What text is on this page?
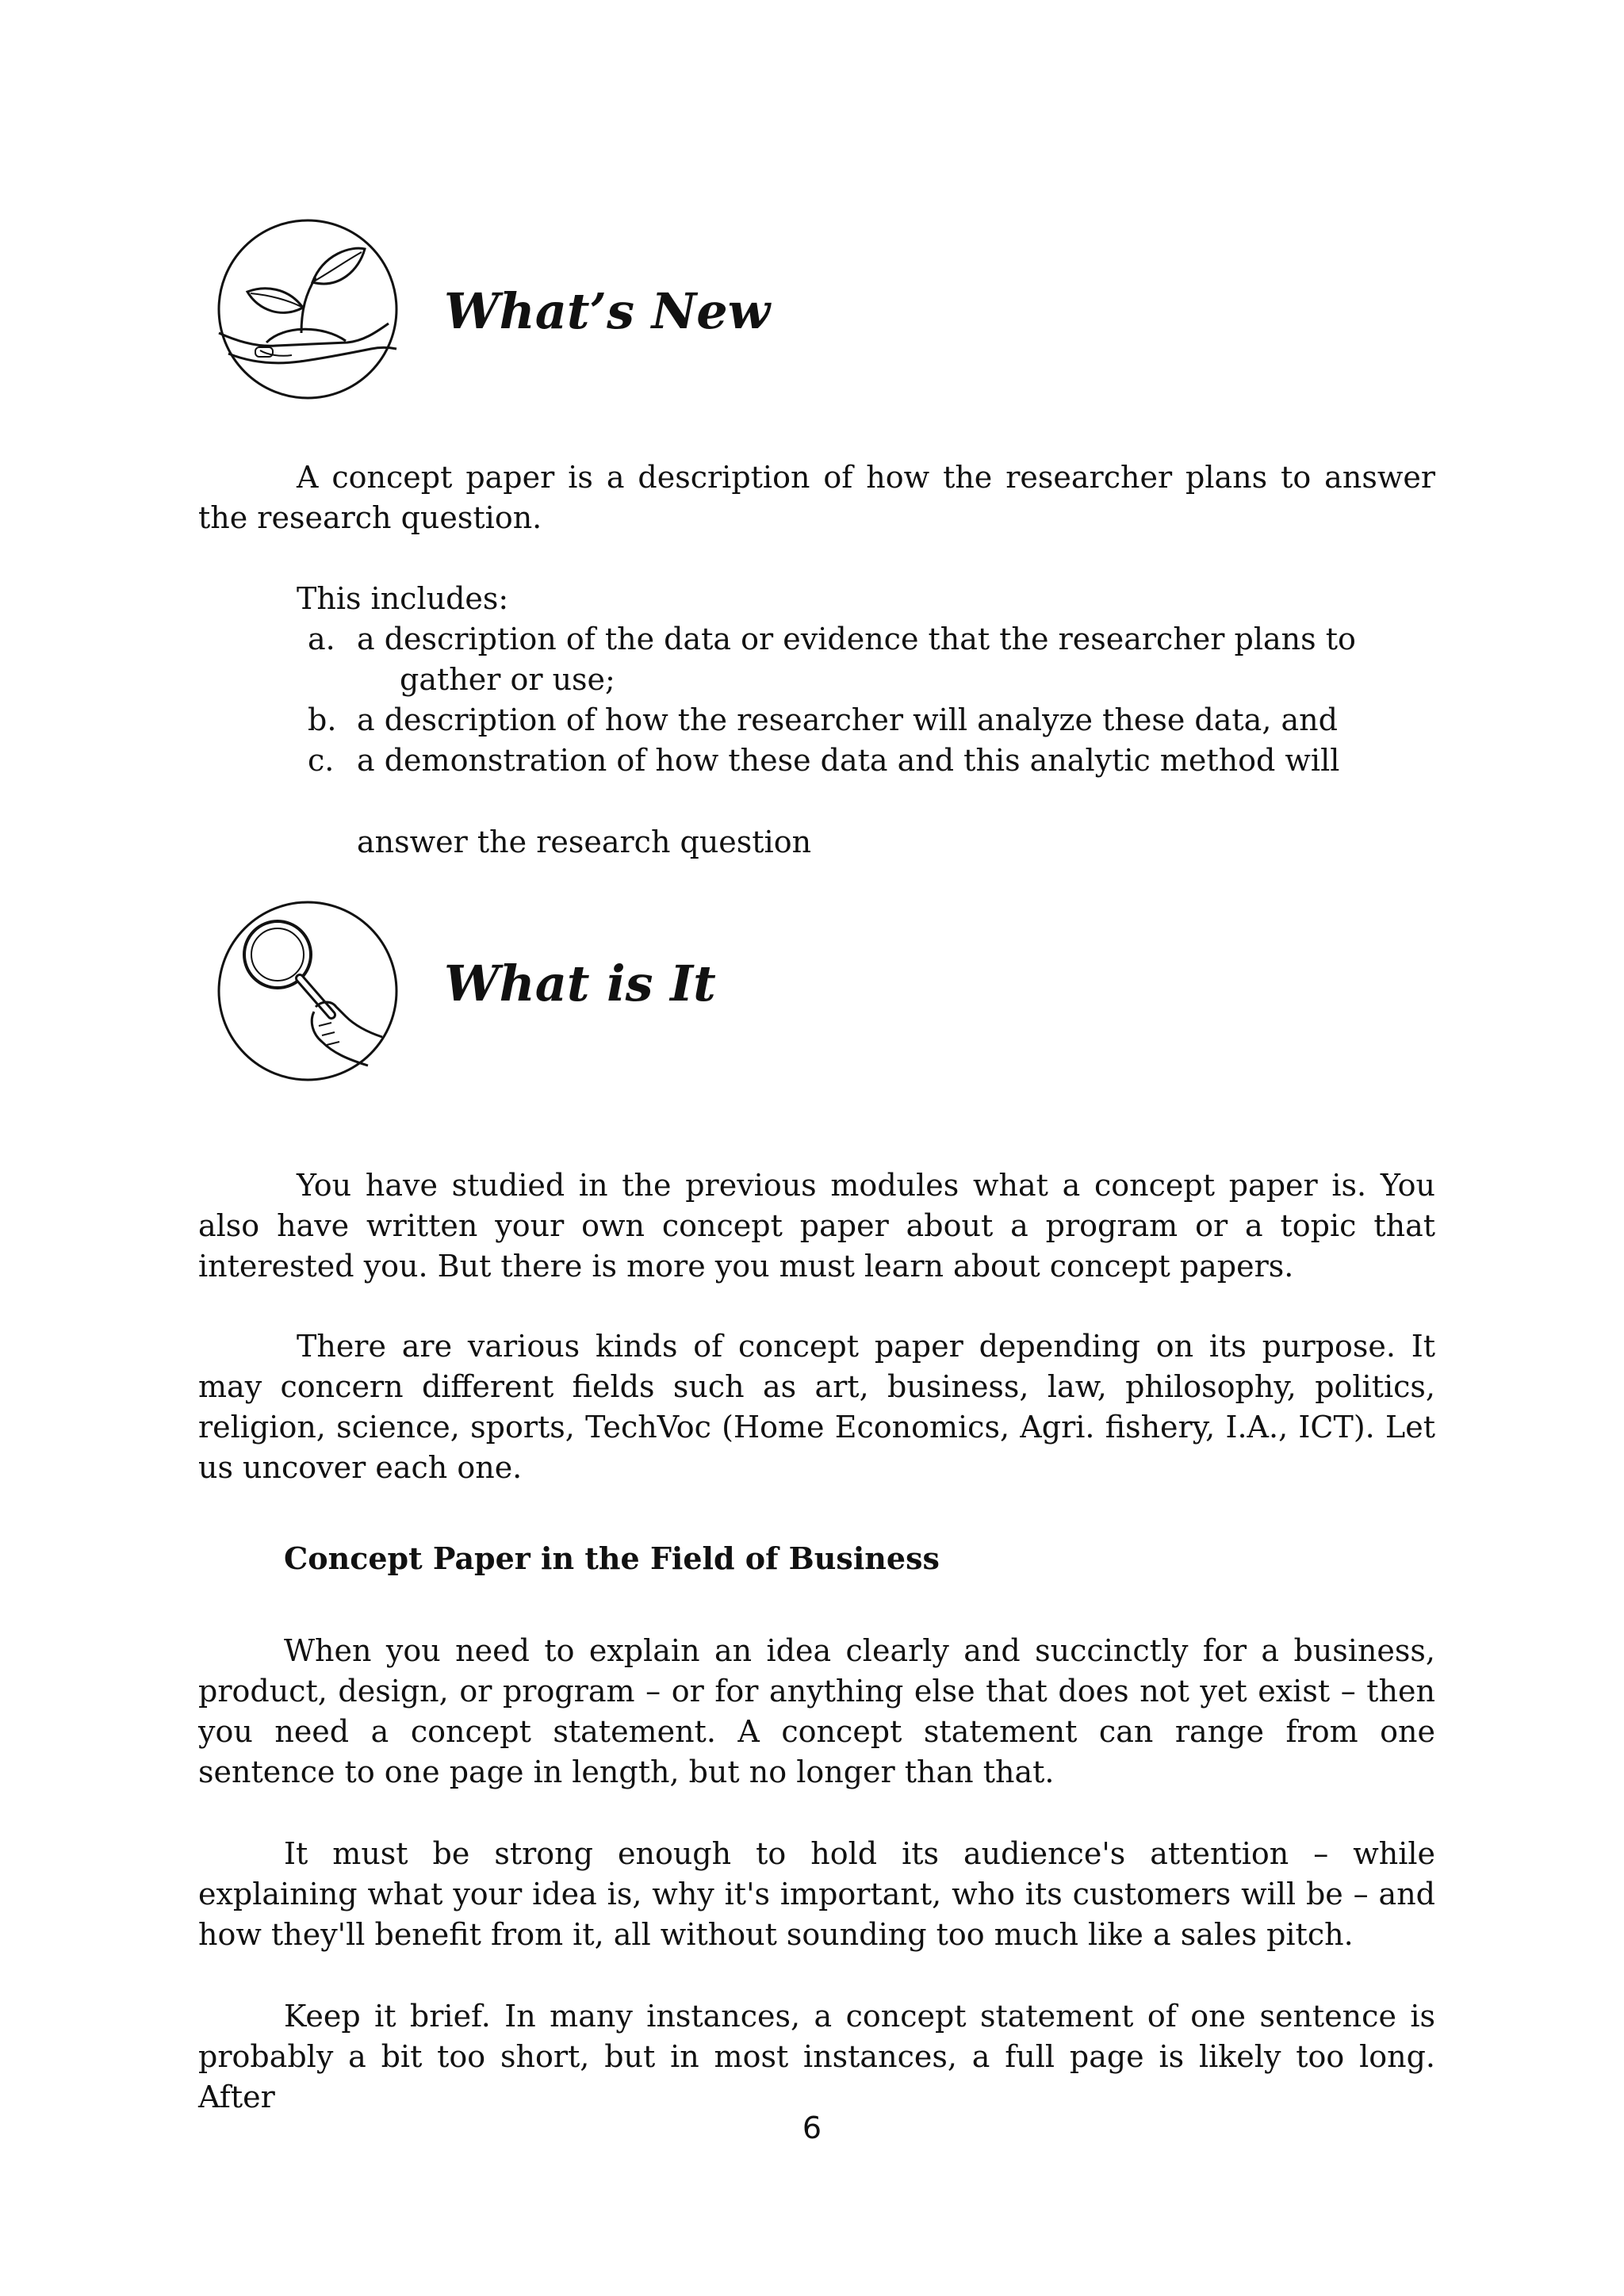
What’s New

A concept paper is a description of how the researcher plans to answer the research question.

This includes:

a. a description of the data or evidence that the researcher plans to
gather or use;
b. a description of how the researcher will analyze these data, and
c. a demonstration of how these data and this analytic method will

answer the research question

What is It

You have studied in the previous modules what a concept paper is. You also have written your own concept paper about a program or a topic that interested you. But there is more you must learn about concept papers.

There are various kinds of concept paper depending on its purpose. It may concern different fields such as art, business, law, philosophy, politics, religion, science, sports, TechVoc (Home Economics, Agri. fishery, I.A., ICT). Let us uncover each one.

Concept Paper in the Field of Business

When you need to explain an idea clearly and succinctly for a business, product, design, or program – or for anything else that does not yet exist – then you need a concept statement. A concept statement can range from one sentence to one page in length, but no longer than that.

It must be strong enough to hold its audience's attention – while explaining what your idea is, why it's important, who its customers will be – and how they'll benefit from it, all without sounding too much like a sales pitch.

Keep it brief. In many instances, a concept statement of one sentence is probably a bit too short, but in most instances, a full page is likely too long. After

6
